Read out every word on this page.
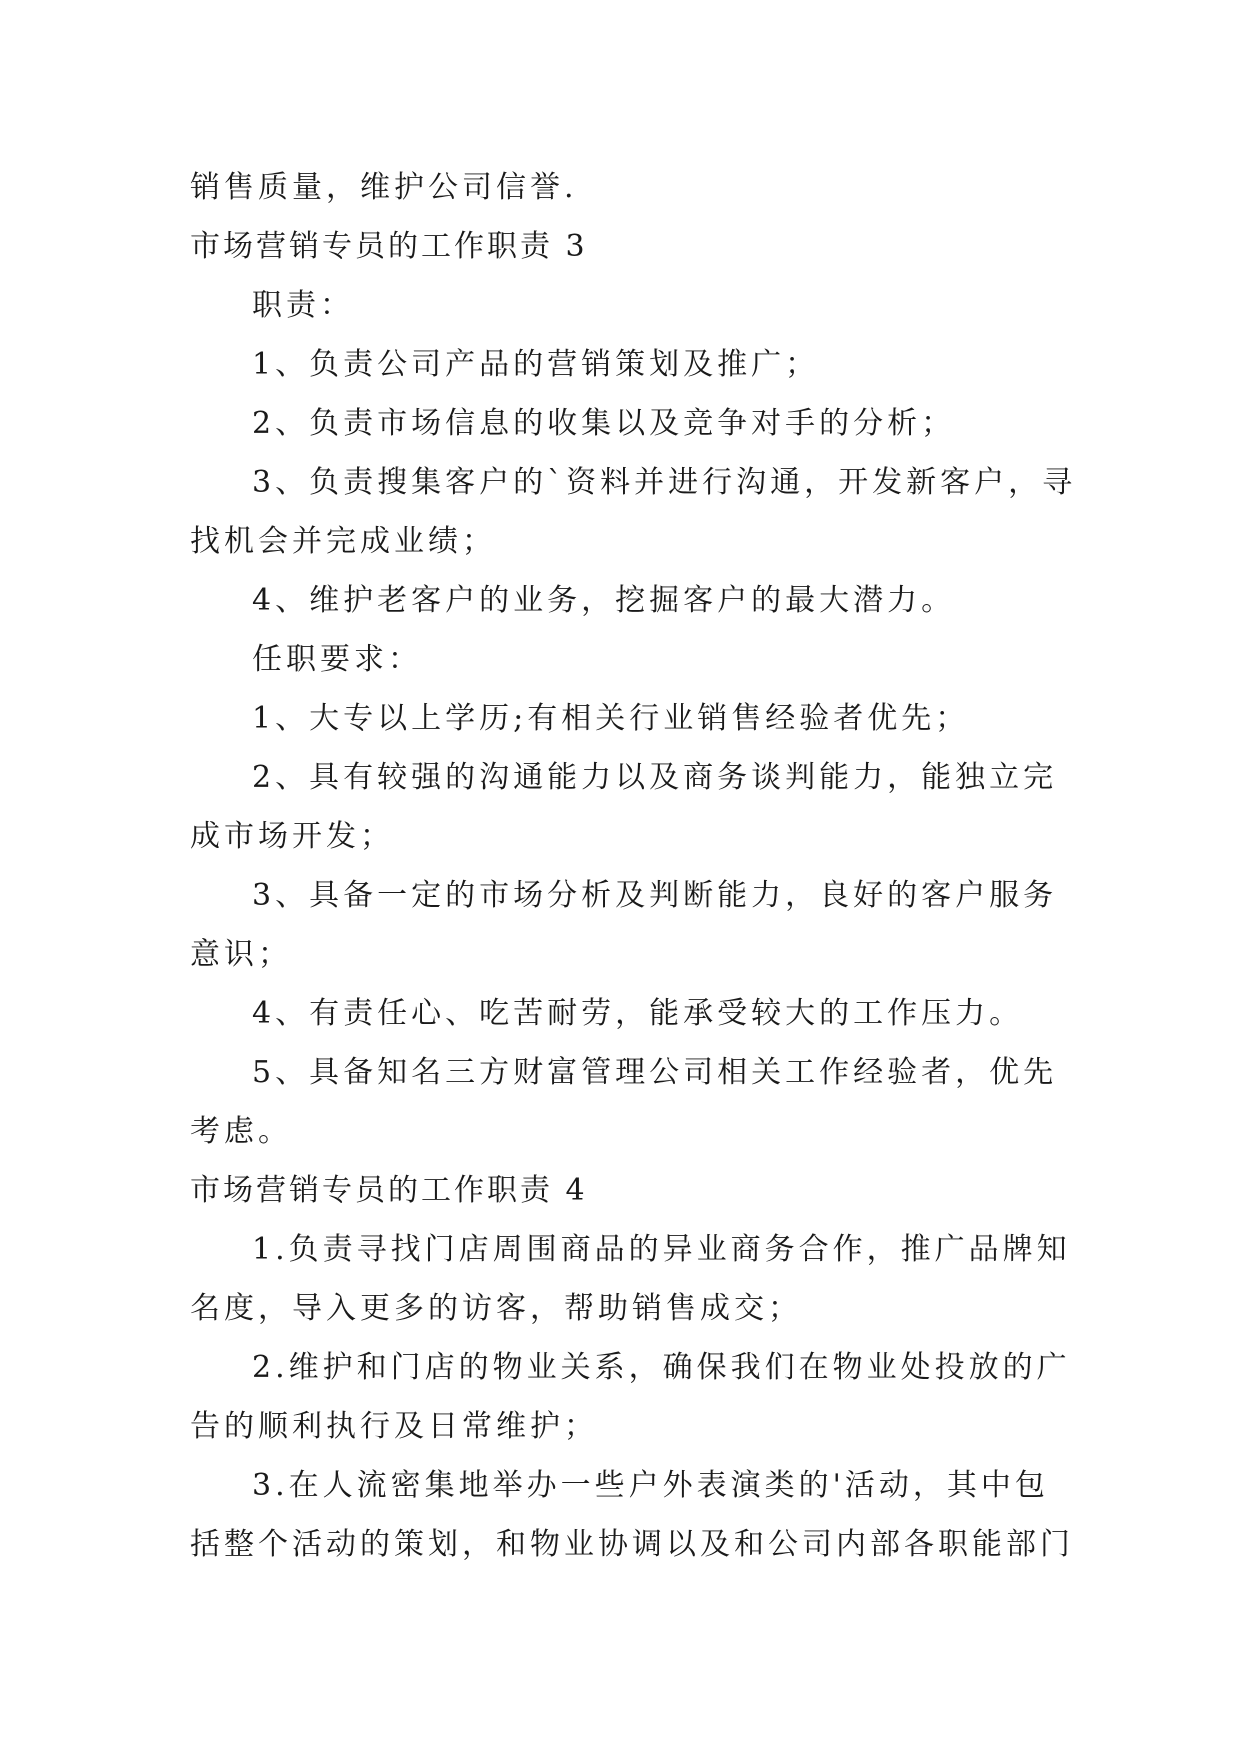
销售质量，维护公司信誉.
市场营销专员的工作职责 3
职责：
1、负责公司产品的营销策划及推广；
2、负责市场信息的收集以及竞争对手的分析；
3、负责搜集客户的`资料并进行沟通，开发新客户，寻
找机会并完成业绩；
4、维护老客户的业务，挖掘客户的最大潜力。
任职要求：
1、大专以上学历;有相关行业销售经验者优先；
2、具有较强的沟通能力以及商务谈判能力，能独立完
成市场开发；
3、具备一定的市场分析及判断能力，良好的客户服务
意识；
4、有责任心、吃苦耐劳，能承受较大的工作压力。
5、具备知名三方财富管理公司相关工作经验者，优先
考虑。
市场营销专员的工作职责 4
1.负责寻找门店周围商品的异业商务合作，推广品牌知
名度，导入更多的访客，帮助销售成交；
2.维护和门店的物业关系，确保我们在物业处投放的广
告的顺利执行及日常维护；
3.在人流密集地举办一些户外表演类的'活动，其中包
括整个活动的策划，和物业协调以及和公司内部各职能部门
